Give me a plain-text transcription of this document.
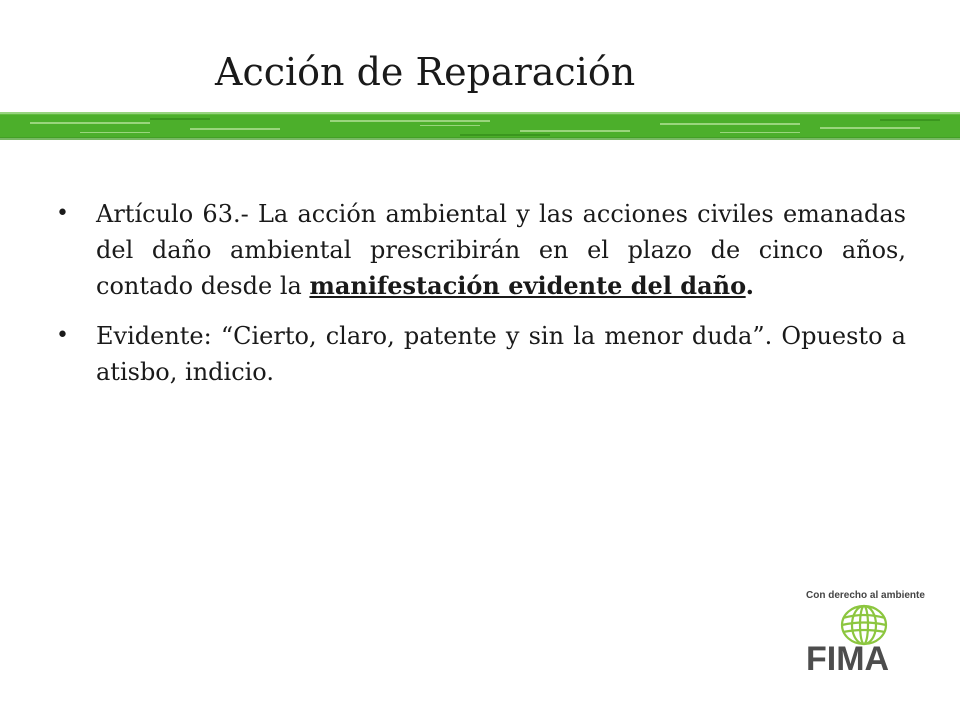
Acción de Reparación
•	Artículo 63.- La acción ambiental y las acciones civiles emanadas del daño ambiental prescribirán en el plazo de cinco años, contado desde la manifestación evidente del daño.
•	Evidente: “Cierto, claro, patente y sin la menor duda”. Opuesto a atisbo, indicio.
Con derecho al ambiente
FIMA
